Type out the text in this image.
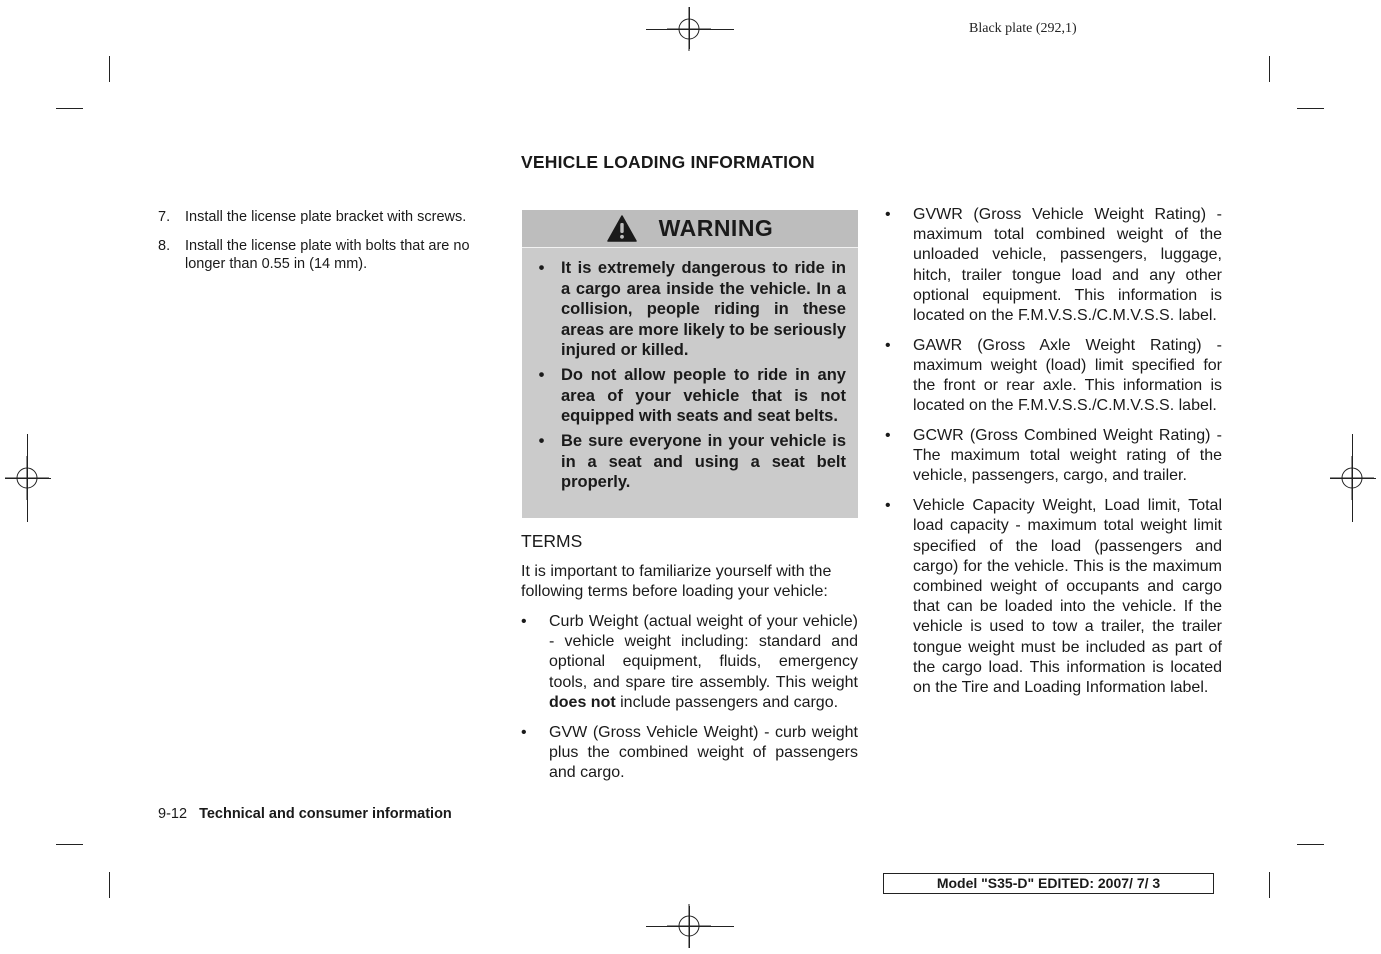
Black plate (292,1)
VEHICLE LOADING INFORMATION
7.	Install the license plate bracket with screws.
8.	Install the license plate with bolts that are no longer than 0.55 in (14 mm).
WARNING
•	It is extremely dangerous to ride in a cargo area inside the vehicle. In a collision, people riding in these areas are more likely to be seriously injured or killed.
•	Do not allow people to ride in any area of your vehicle that is not equipped with seats and seat belts.
•	Be sure everyone in your vehicle is in a seat and using a seat belt properly.
TERMS
It is important to familiarize yourself with the following terms before loading your vehicle:
•	Curb Weight (actual weight of your vehicle) - vehicle weight including: standard and optional equipment, fluids, emergency tools, and spare tire assembly. This weight does not include passengers and cargo.
•	GVW (Gross Vehicle Weight) - curb weight plus the combined weight of passengers and cargo.
•	GVWR (Gross Vehicle Weight Rating) - maximum total combined weight of the unloaded vehicle, passengers, luggage, hitch, trailer tongue load and any other optional equipment. This information is located on the F.M.V.S.S./C.M.V.S.S. label.
•	GAWR (Gross Axle Weight Rating) - maximum weight (load) limit specified for the front or rear axle. This information is located on the F.M.V.S.S./C.M.V.S.S. label.
•	GCWR (Gross Combined Weight Rating) - The maximum total weight rating of the vehicle, passengers, cargo, and trailer.
•	Vehicle Capacity Weight, Load limit, Total load capacity - maximum total weight limit specified of the load (passengers and cargo) for the vehicle. This is the maximum combined weight of occupants and cargo that can be loaded into the vehicle. If the vehicle is used to tow a trailer, the trailer tongue weight must be included as part of the cargo load. This information is located on the Tire and Loading Information label.
9-12 Technical and consumer information
Model "S35-D" EDITED: 2007/ 7/ 3
